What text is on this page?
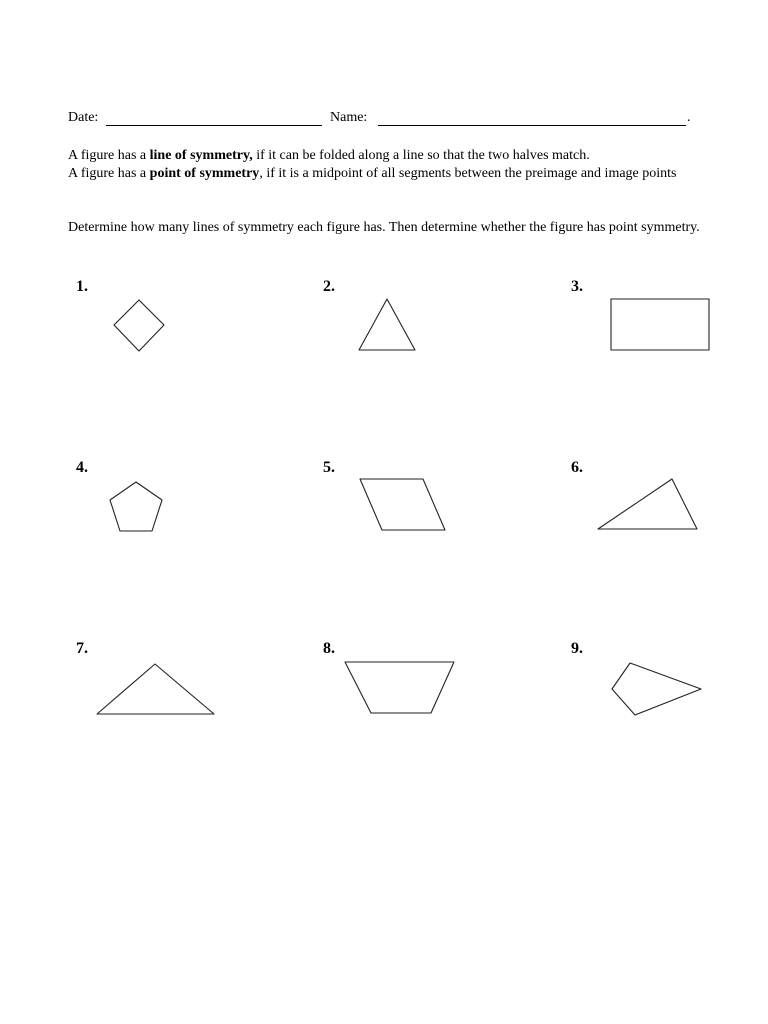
Date:	Name:	.
A figure has a line of symmetry, if it can be folded along a line so that the two halves match.
A figure has a point of symmetry, if it is a midpoint of all segments between the preimage and image points
Determine how many lines of symmetry each figure has. Then determine whether the figure has point symmetry.
1.	2.	3.
4.	5.	6.
7.	8.	9.
